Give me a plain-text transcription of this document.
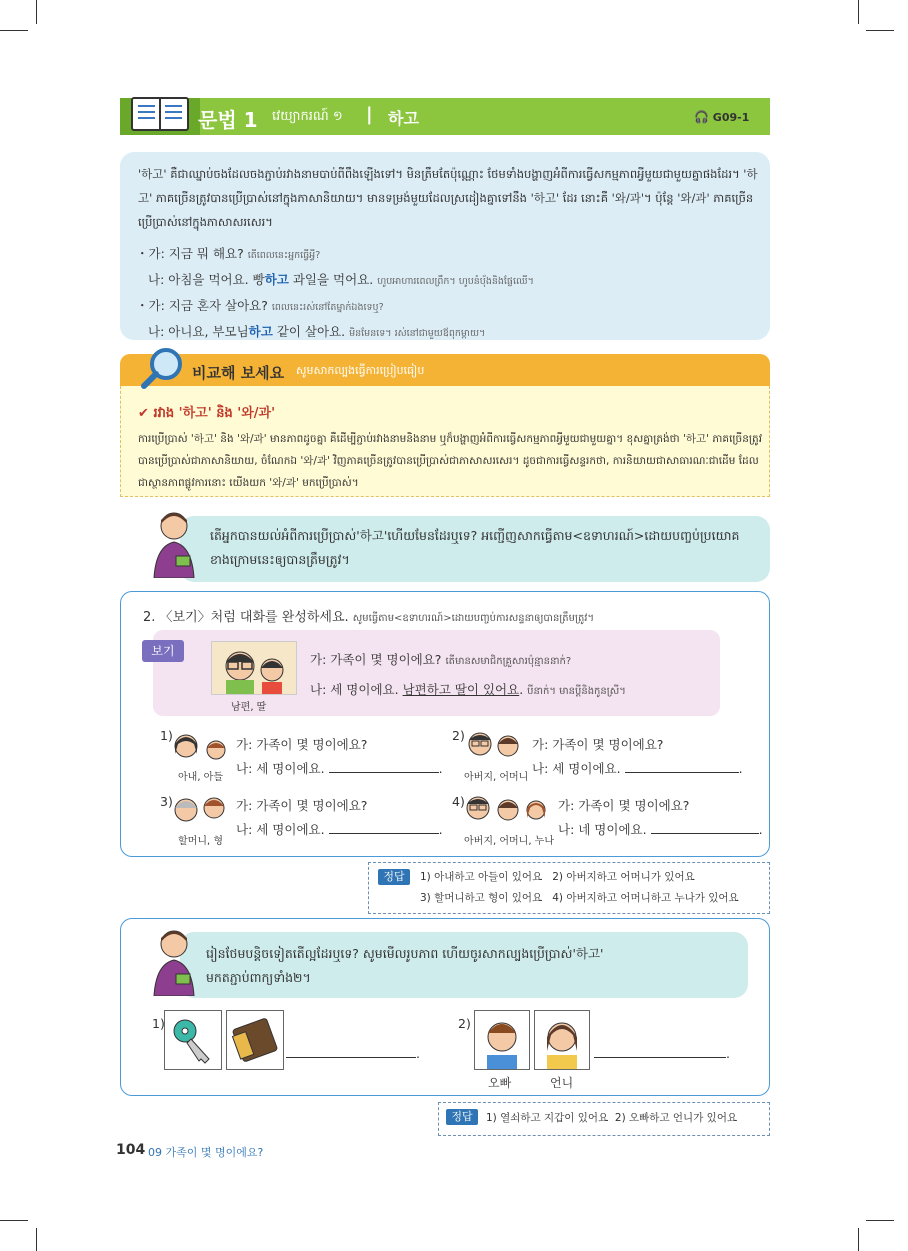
문법 1 វេយ្យាករណ៍ ១ | 하고	🎧 G09-1
'하고' គឺជាឈ្នាប់ចងដែលចងភ្ជាប់រវាងនាមបាប់ពីពឹងឡើងទៅ។ មិនត្រឹមតែប៉ុណ្ណោះ ថែមទាំងបង្ហាញអំពីការធ្វើសកម្មភាពអ្វីមួយជាមួយគ្នាផងដែរ។ '하고' ភាគច្រើនត្រូវបានប្រើប្រាស់នៅក្នុងភាសានិយាយ។ មានទម្រង់មួយដែលស្រដៀងគ្នាទៅនឹង '하고' ដែរ នោះគឺ '와/과'។ ប៉ុន្តែ '와/과' ភាគច្រើនប្រើប្រាស់នៅក្នុងភាសាសរសេរ។
・가: 지금 뭐 해요? តើពេលនេះអ្នកធ្វើអ្វី?
나: 아침을 먹어요. 빵하고 과일을 먹어요. ហូបអាហារពេលព្រឹក។ ហូបនំប៉័ងនិងផ្លែឈើ។
・가: 지금 혼자 살아요? ពេលនេះរស់នៅតែម្នាក់ឯងទេឬ?
나: 아니요, 부모님하고 같이 살아요. មិនមែនទេ។ រស់នៅជាមួយឪពុកម្ដាយ។
비교해 보세요 សូមសាកល្បងធ្វើការប្រៀបធៀប
✔ រវាង '하고' និង '와/과'
ការប្រើប្រាស់ '하고' និង '와/과' មានភាពដូចគ្នា គឺដើម្បីភ្ជាប់រវាងនាមនិងនាម ឬក៏បង្ហាញអំពីការធ្វើសកម្មភាពអ្វីមួយជាមួយគ្នា។ ខុសគ្នាត្រង់ថា '하고' ភាគច្រើនត្រូវបានប្រើប្រាស់ជាភាសានិយាយ, ចំណែកឯ '와/과' វិញភាគច្រើនត្រូវបានប្រើប្រាស់ជាភាសាសរសេរ។ ដូចជាការធ្វើសន្ទរកថា, ការនិយាយជាសាធារណៈជាដើម ដែលជាស្ថានភាពផ្លូវការនោះ យើងយក '와/과' មកប្រើប្រាស់។
តើអ្នកបានយល់អំពីការប្រើប្រាស់'하고'ហើយមែនដែរឬទេ? អញ្ជើញសាកធ្វើតាម<ឧទាហរណ៍>ដោយបញ្ចប់ប្រយោគខាងក្រោមនេះឲ្យបានត្រឹមត្រូវ។
2. 〈보기〉처럼 대화를 완성하세요. សូមធ្វើតាម<ឧទាហរណ៍>ដោយបញ្ចប់ការសន្ទនាឲ្យបានត្រឹមត្រូវ។
보기
남편, 딸
가: 가족이 몇 명이에요? តើមានសមាជិកគ្រួសារប៉ុន្មាននាក់?
나: 세 명이에요. 남편하고 딸이 있어요. បីនាក់។ មានប្ដីនិងកូនស្រី។
1)
아내, 아들
가: 가족이 몇 명이에요?
나: 세 명이에요.	.
2)
아버지, 어머니
가: 가족이 몇 명이에요?
나: 세 명이에요.	.
3)
할머니, 형
가: 가족이 몇 명이에요?
나: 세 명이에요.	.
4)
아버지, 어머니, 누나
가: 가족이 몇 명이에요?
나: 네 명이에요.	.
정답	1) 아내하고 아들이 있어요   2) 아버지하고 어머니가 있어요
3) 할머니하고 형이 있어요   4) 아버지하고 어머니하고 누나가 있어요
រៀនថែមបន្តិចទៀតតើល្អដែរឬទេ? សូមមើលរូបភាព ហើយចូរសាកល្បងប្រើប្រាស់'하고'
មកតភ្ជាប់ពាក្យទាំង២។
1)
.
2)
오빠	언니
.
정답	1) 열쇠하고 지갑이 있어요  2) 오빠하고 언니가 있어요
104 09 가족이 몇 명이에요?
